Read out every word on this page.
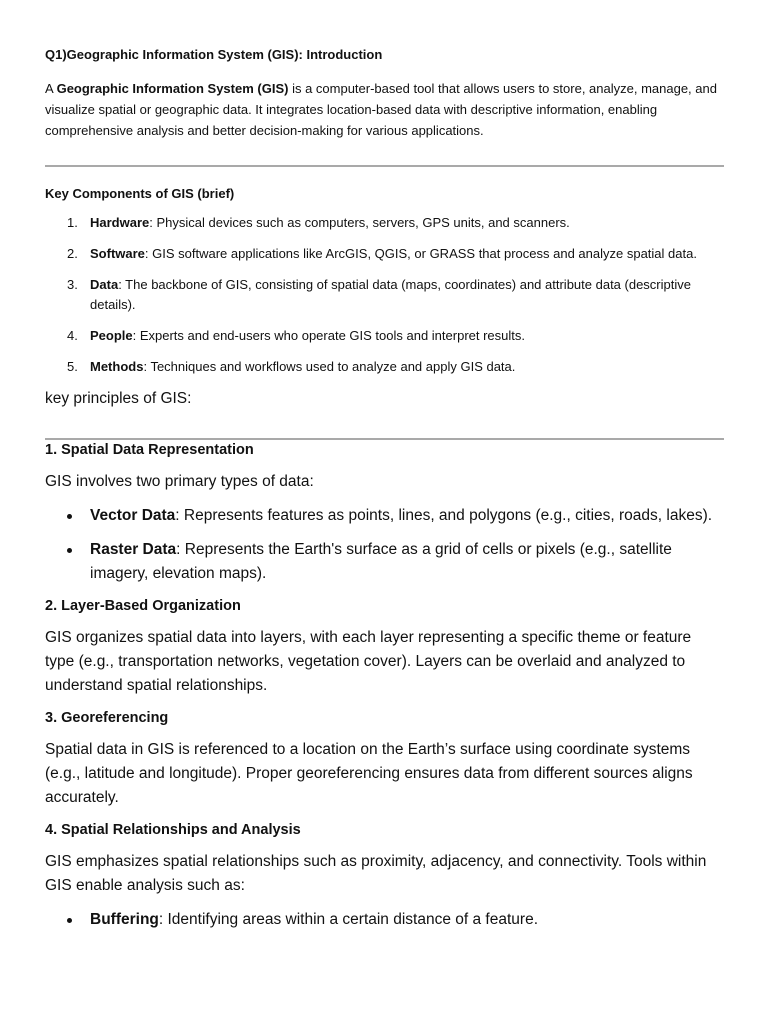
Q1)Geographic Information System (GIS): Introduction

A Geographic Information System (GIS) is a computer-based tool that allows users to store, analyze, manage, and visualize spatial or geographic data. It integrates location-based data with descriptive information, enabling comprehensive analysis and better decision-making for various applications.

Key Components of GIS (brief)

1. Hardware: Physical devices such as computers, servers, GPS units, and scanners.
2. Software: GIS software applications like ArcGIS, QGIS, or GRASS that process and analyze spatial data.
3. Data: The backbone of GIS, consisting of spatial data (maps, coordinates) and attribute data (descriptive details).
4. People: Experts and end-users who operate GIS tools and interpret results.
5. Methods: Techniques and workflows used to analyze and apply GIS data.

key principles of GIS:

1. Spatial Data Representation

GIS involves two primary types of data:

Vector Data: Represents features as points, lines, and polygons (e.g., cities, roads, lakes).
Raster Data: Represents the Earth's surface as a grid of cells or pixels (e.g., satellite imagery, elevation maps).
2. Layer-Based Organization

GIS organizes spatial data into layers, with each layer representing a specific theme or feature type (e.g., transportation networks, vegetation cover). Layers can be overlaid and analyzed to understand spatial relationships.

3. Georeferencing

Spatial data in GIS is referenced to a location on the Earth’s surface using coordinate systems (e.g., latitude and longitude). Proper georeferencing ensures data from different sources aligns accurately.

4. Spatial Relationships and Analysis

GIS emphasizes spatial relationships such as proximity, adjacency, and connectivity. Tools within GIS enable analysis such as:

Buffering: Identifying areas within a certain distance of a feature.
